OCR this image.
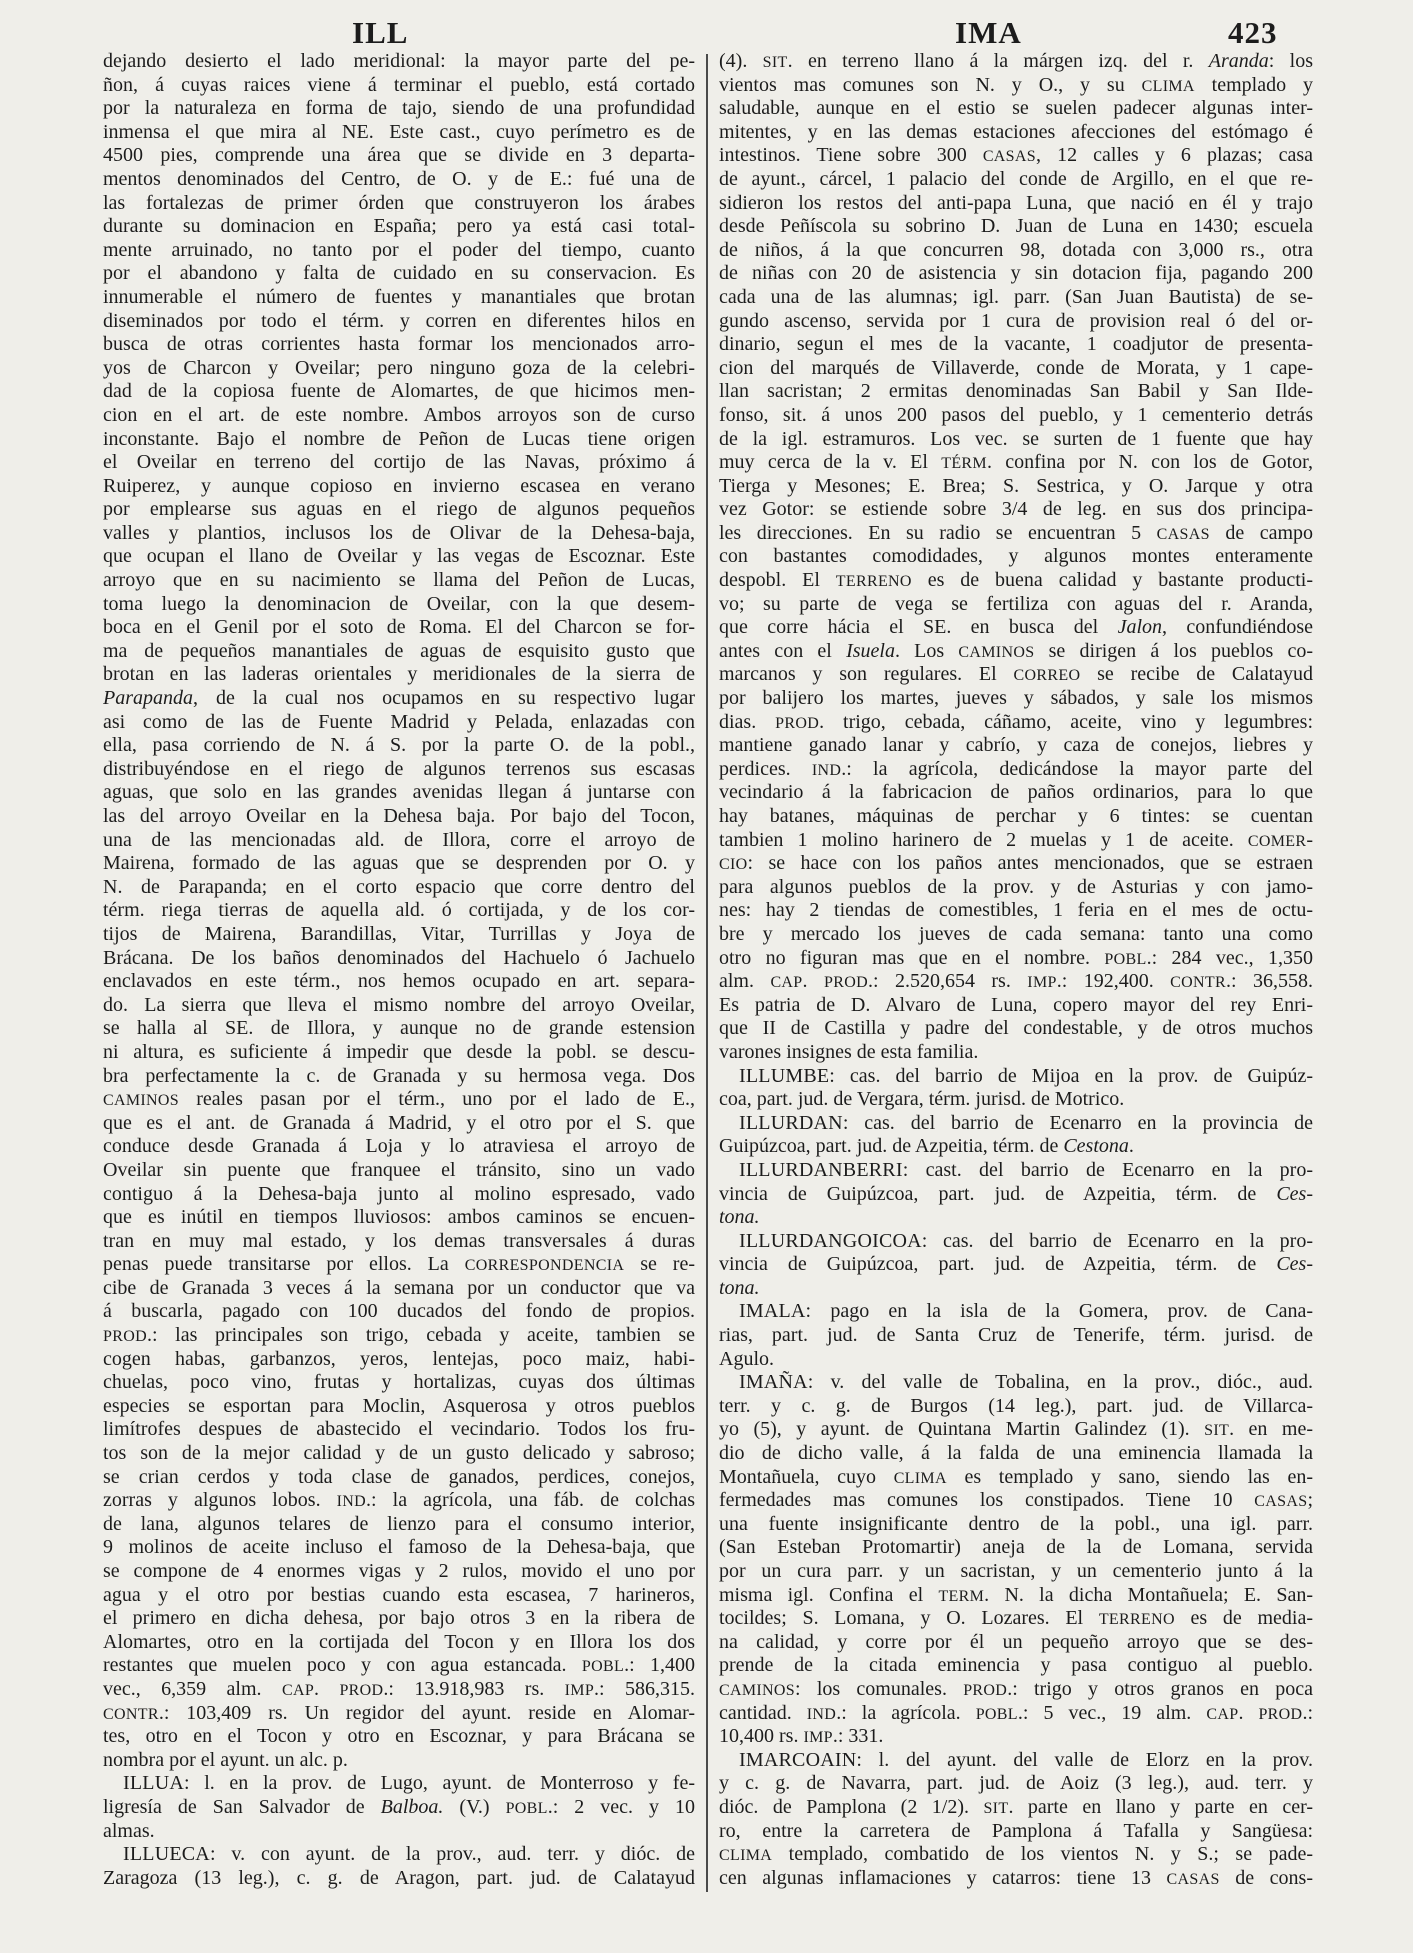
ILL	IMA	423
dejando desierto el lado meridional: la mayor parte del pe-
ñon, á cuyas raices viene á terminar el pueblo, está cortado
por la naturaleza en forma de tajo, siendo de una profundidad
inmensa el que mira al NE. Este cast., cuyo perímetro es de
4500 pies, comprende una área que se divide en 3 departa-
mentos denominados del Centro, de O. y de E.: fué una de
las fortalezas de primer órden que construyeron los árabes
durante su dominacion en España; pero ya está casi total-
mente arruinado, no tanto por el poder del tiempo, cuanto
por el abandono y falta de cuidado en su conservacion. Es
innumerable el número de fuentes y manantiales que brotan
diseminados por todo el térm. y corren en diferentes hilos en
busca de otras corrientes hasta formar los mencionados arro-
yos de Charcon y Oveilar; pero ninguno goza de la celebri-
dad de la copiosa fuente de Alomartes, de que hicimos men-
cion en el art. de este nombre. Ambos arroyos son de curso
inconstante. Bajo el nombre de Peñon de Lucas tiene origen
el Oveilar en terreno del cortijo de las Navas, próximo á
Ruiperez, y aunque copioso en invierno escasea en verano
por emplearse sus aguas en el riego de algunos pequeños
valles y plantios, inclusos los de Olivar de la Dehesa-baja,
que ocupan el llano de Oveilar y las vegas de Escoznar. Este
arroyo que en su nacimiento se llama del Peñon de Lucas,
toma luego la denominacion de Oveilar, con la que desem-
boca en el Genil por el soto de Roma. El del Charcon se for-
ma de pequeños manantiales de aguas de esquisito gusto que
brotan en las laderas orientales y meridionales de la sierra de
Parapanda, de la cual nos ocupamos en su respectivo lugar
asi como de las de Fuente Madrid y Pelada, enlazadas con
ella, pasa corriendo de N. á S. por la parte O. de la pobl.,
distribuyéndose en el riego de algunos terrenos sus escasas
aguas, que solo en las grandes avenidas llegan á juntarse con
las del arroyo Oveilar en la Dehesa baja. Por bajo del Tocon,
una de las mencionadas ald. de Illora, corre el arroyo de
Mairena, formado de las aguas que se desprenden por O. y
N. de Parapanda; en el corto espacio que corre dentro del
térm. riega tierras de aquella ald. ó cortijada, y de los cor-
tijos de Mairena, Barandillas, Vitar, Turrillas y Joya de
Brácana. De los baños denominados del Hachuelo ó Jachuelo
enclavados en este térm., nos hemos ocupado en art. separa-
do. La sierra que lleva el mismo nombre del arroyo Oveilar,
se halla al SE. de Illora, y aunque no de grande estension
ni altura, es suficiente á impedir que desde la pobl. se descu-
bra perfectamente la c. de Granada y su hermosa vega. Dos
CAMINOS reales pasan por el térm., uno por el lado de E.,
que es el ant. de Granada á Madrid, y el otro por el S. que
conduce desde Granada á Loja y lo atraviesa el arroyo de
Oveilar sin puente que franquee el tránsito, sino un vado
contiguo á la Dehesa-baja junto al molino espresado, vado
que es inútil en tiempos lluviosos: ambos caminos se encuen-
tran en muy mal estado, y los demas transversales á duras
penas puede transitarse por ellos. La CORRESPONDENCIA se re-
cibe de Granada 3 veces á la semana por un conductor que va
á buscarla, pagado con 100 ducados del fondo de propios.
PROD.: las principales son trigo, cebada y aceite, tambien se
cogen habas, garbanzos, yeros, lentejas, poco maiz, habi-
chuelas, poco vino, frutas y hortalizas, cuyas dos últimas
especies se esportan para Moclin, Asquerosa y otros pueblos
limítrofes despues de abastecido el vecindario. Todos los fru-
tos son de la mejor calidad y de un gusto delicado y sabroso;
se crian cerdos y toda clase de ganados, perdices, conejos,
zorras y algunos lobos. IND.: la agrícola, una fáb. de colchas
de lana, algunos telares de lienzo para el consumo interior,
9 molinos de aceite incluso el famoso de la Dehesa-baja, que
se compone de 4 enormes vigas y 2 rulos, movido el uno por
agua y el otro por bestias cuando esta escasea, 7 harineros,
el primero en dicha dehesa, por bajo otros 3 en la ribera de
Alomartes, otro en la cortijada del Tocon y en Illora los dos
restantes que muelen poco y con agua estancada. POBL.: 1,400
vec., 6,359 alm. CAP. PROD.: 13.918,983 rs. IMP.: 586,315.
CONTR.: 103,409 rs. Un regidor del ayunt. reside en Alomar-
tes, otro en el Tocon y otro en Escoznar, y para Brácana se
nombra por el ayunt. un alc. p.
ILLUA: l. en la prov. de Lugo, ayunt. de Monterroso y fe-
ligresía de San Salvador de Balboa. (V.) POBL.: 2 vec. y 10
almas.
ILLUECA: v. con ayunt. de la prov., aud. terr. y dióc. de
Zaragoza (13 leg.), c. g. de Aragon, part. jud. de Calatayud
(4). SIT. en terreno llano á la márgen izq. del r. Aranda: los
vientos mas comunes son N. y O., y su CLIMA templado y
saludable, aunque en el estio se suelen padecer algunas inter-
mitentes, y en las demas estaciones afecciones del estómago é
intestinos. Tiene sobre 300 CASAS, 12 calles y 6 plazas; casa
de ayunt., cárcel, 1 palacio del conde de Argillo, en el que re-
sidieron los restos del anti-papa Luna, que nació en él y trajo
desde Peñíscola su sobrino D. Juan de Luna en 1430; escuela
de niños, á la que concurren 98, dotada con 3,000 rs., otra
de niñas con 20 de asistencia y sin dotacion fija, pagando 200
cada una de las alumnas; igl. parr. (San Juan Bautista) de se-
gundo ascenso, servida por 1 cura de provision real ó del or-
dinario, segun el mes de la vacante, 1 coadjutor de presenta-
cion del marqués de Villaverde, conde de Morata, y 1 cape-
llan sacristan; 2 ermitas denominadas San Babil y San Ilde-
fonso, sit. á unos 200 pasos del pueblo, y 1 cementerio detrás
de la igl. estramuros. Los vec. se surten de 1 fuente que hay
muy cerca de la v. El TÉRM. confina por N. con los de Gotor,
Tierga y Mesones; E. Brea; S. Sestrica, y O. Jarque y otra
vez Gotor: se estiende sobre 3/4 de leg. en sus dos principa-
les direcciones. En su radio se encuentran 5 CASAS de campo
con bastantes comodidades, y algunos montes enteramente
despobl. El TERRENO es de buena calidad y bastante producti-
vo; su parte de vega se fertiliza con aguas del r. Aranda,
que corre hácia el SE. en busca del Jalon, confundiéndose
antes con el Isuela. Los CAMINOS se dirigen á los pueblos co-
marcanos y son regulares. El CORREO se recibe de Calatayud
por balijero los martes, jueves y sábados, y sale los mismos
dias. PROD. trigo, cebada, cáñamo, aceite, vino y legumbres:
mantiene ganado lanar y cabrío, y caza de conejos, liebres y
perdices. IND.: la agrícola, dedicándose la mayor parte del
vecindario á la fabricacion de paños ordinarios, para lo que
hay batanes, máquinas de perchar y 6 tintes: se cuentan
tambien 1 molino harinero de 2 muelas y 1 de aceite. COMER-
CIO: se hace con los paños antes mencionados, que se estraen
para algunos pueblos de la prov. y de Asturias y con jamo-
nes: hay 2 tiendas de comestibles, 1 feria en el mes de octu-
bre y mercado los jueves de cada semana: tanto una como
otro no figuran mas que en el nombre. POBL.: 284 vec., 1,350
alm. CAP. PROD.: 2.520,654 rs. IMP.: 192,400. CONTR.: 36,558.
Es patria de D. Alvaro de Luna, copero mayor del rey Enri-
que II de Castilla y padre del condestable, y de otros muchos
varones insignes de esta familia.
ILLUMBE: cas. del barrio de Mijoa en la prov. de Guipúz-
coa, part. jud. de Vergara, térm. jurisd. de Motrico.
ILLURDAN: cas. del barrio de Ecenarro en la provincia de
Guipúzcoa, part. jud. de Azpeitia, térm. de Cestona.
ILLURDANBERRI: cast. del barrio de Ecenarro en la pro-
vincia de Guipúzcoa, part. jud. de Azpeitia, térm. de Ces-
tona.
ILLURDANGOICOA: cas. del barrio de Ecenarro en la pro-
vincia de Guipúzcoa, part. jud. de Azpeitia, térm. de Ces-
tona.
IMALA: pago en la isla de la Gomera, prov. de Cana-
rias, part. jud. de Santa Cruz de Tenerife, térm. jurisd. de
Agulo.
IMAÑA: v. del valle de Tobalina, en la prov., dióc., aud.
terr. y c. g. de Burgos (14 leg.), part. jud. de Villarca-
yo (5), y ayunt. de Quintana Martin Galindez (1). SIT. en me-
dio de dicho valle, á la falda de una eminencia llamada la
Montañuela, cuyo CLIMA es templado y sano, siendo las en-
fermedades mas comunes los constipados. Tiene 10 CASAS;
una fuente insignificante dentro de la pobl., una igl. parr.
(San Esteban Protomartir) aneja de la de Lomana, servida
por un cura parr. y un sacristan, y un cementerio junto á la
misma igl. Confina el TERM. N. la dicha Montañuela; E. San-
tocildes; S. Lomana, y O. Lozares. El TERRENO es de media-
na calidad, y corre por él un pequeño arroyo que se des-
prende de la citada eminencia y pasa contiguo al pueblo.
CAMINOS: los comunales. PROD.: trigo y otros granos en poca
cantidad. IND.: la agrícola. POBL.: 5 vec., 19 alm. CAP. PROD.:
10,400 rs. IMP.: 331.
IMARCOAIN: l. del ayunt. del valle de Elorz en la prov.
y c. g. de Navarra, part. jud. de Aoiz (3 leg.), aud. terr. y
dióc. de Pamplona (2 1/2). SIT. parte en llano y parte en cer-
ro, entre la carretera de Pamplona á Tafalla y Sangüesa:
CLIMA templado, combatido de los vientos N. y S.; se pade-
cen algunas inflamaciones y catarros: tiene 13 CASAS de cons-
